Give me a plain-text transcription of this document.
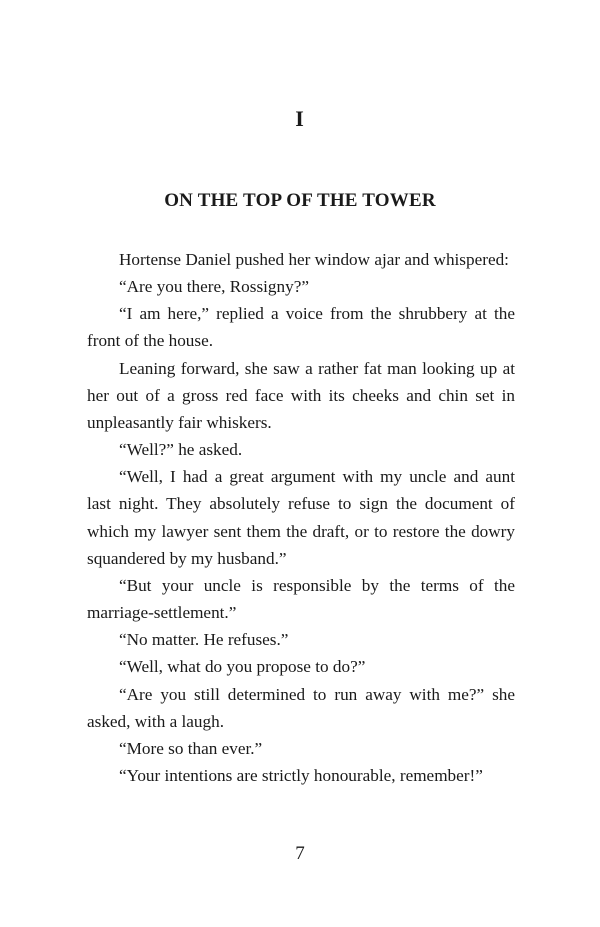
I
ON THE TOP OF THE TOWER

Hortense Daniel pushed her window ajar and whispered:

“Are you there, Rossigny?”

“I am here,” replied a voice from the shrubbery at the front of the house.

Leaning forward, she saw a rather fat man looking up at her out of a gross red face with its cheeks and chin set in unpleasantly fair whiskers.

“Well?” he asked.

“Well, I had a great argument with my uncle and aunt last night. They absolutely refuse to sign the document of which my lawyer sent them the draft, or to restore the dowry squandered by my husband.”

“But your uncle is responsible by the terms of the marriage-settlement.”

“No matter. He refuses.”

“Well, what do you propose to do?”

“Are you still determined to run away with me?” she asked, with a laugh.

“More so than ever.”

“Your intentions are strictly honourable, remember!”

7
